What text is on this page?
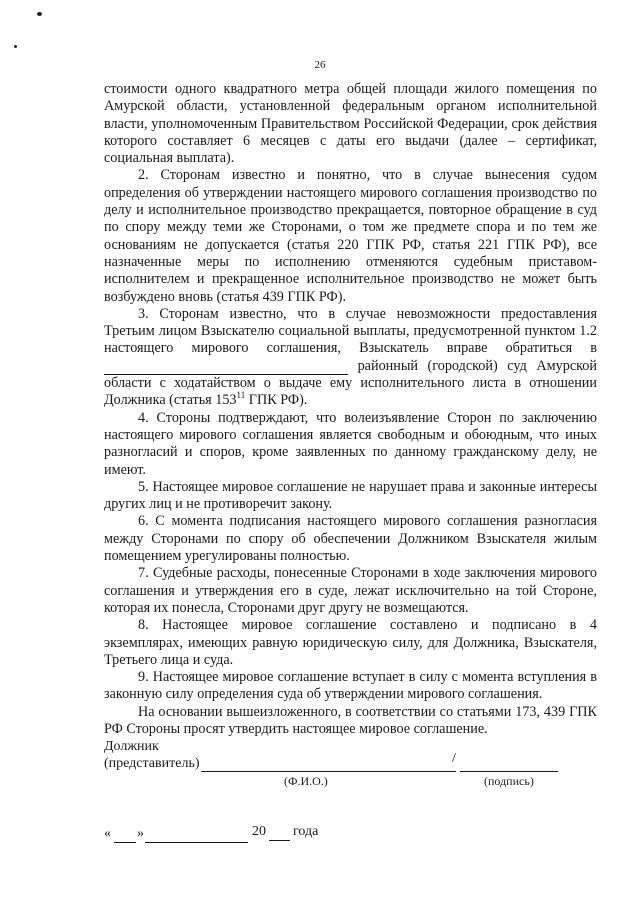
26

стоимости одного квадратного метра общей площади жилого помещения по Амурской области, установленной федеральным органом исполнительной власти, уполномоченным Правительством Российской Федерации, срок действия которого составляет 6 месяцев с даты его выдачи (далее – сертификат, социальная выплата).

2. Сторонам известно и понятно, что в случае вынесения судом определения об утверждении настоящего мирового соглашения производство по делу и исполнительное производство прекращается, повторное обращение в суд по спору между теми же Сторонами, о том же предмете спора и по тем же основаниям не допускается (статья 220 ГПК РФ, статья 221 ГПК РФ), все назначенные меры по исполнению отменяются судебным приставом-исполнителем и прекращенное исполнительное производство не может быть возбуждено вновь (статья 439 ГПК РФ).

3. Сторонам известно, что в случае невозможности предоставления Третьим лицом Взыскателю социальной выплаты, предусмотренной пунктом 1.2 настоящего мирового соглашения, Взыскатель вправе обратиться в  районный (городской) суд Амурской области с ходатайством о выдаче ему исполнительного листа в отношении Должника (статья $153^{11}$ ГПК РФ).

4. Стороны подтверждают, что волеизъявление Сторон по заключению настоящего мирового соглашения является свободным и обоюдным, что иных разногласий и споров, кроме заявленных по данному гражданскому делу, не имеют.

5. Настоящее мировое соглашение не нарушает права и законные интересы других лиц и не противоречит закону.

6. С момента подписания настоящего мирового соглашения разногласия между Сторонами по спору об обеспечении Должником Взыскателя жилым помещением урегулированы полностью.

7. Судебные расходы, понесенные Сторонами в ходе заключения мирового соглашения и утверждения его в суде, лежат исключительно на той Стороне, которая их понесла, Сторонами друг другу не возмещаются.

8. Настоящее мировое соглашение составлено и подписано в 4 экземплярах, имеющих равную юридическую силу, для Должника, Взыскателя, Третьего лица и суда.

9. Настоящее мировое соглашение вступает в силу с момента вступления в законную силу определения суда об утверждении мирового соглашения.

На основании вышеизложенного, в соответствии со статьями 173, 439 ГПК РФ Стороны просят утвердить настоящее мировое соглашение.

Должник
(представитель)	/
(Ф.И.О.)	(подпись)
« »	20 года
